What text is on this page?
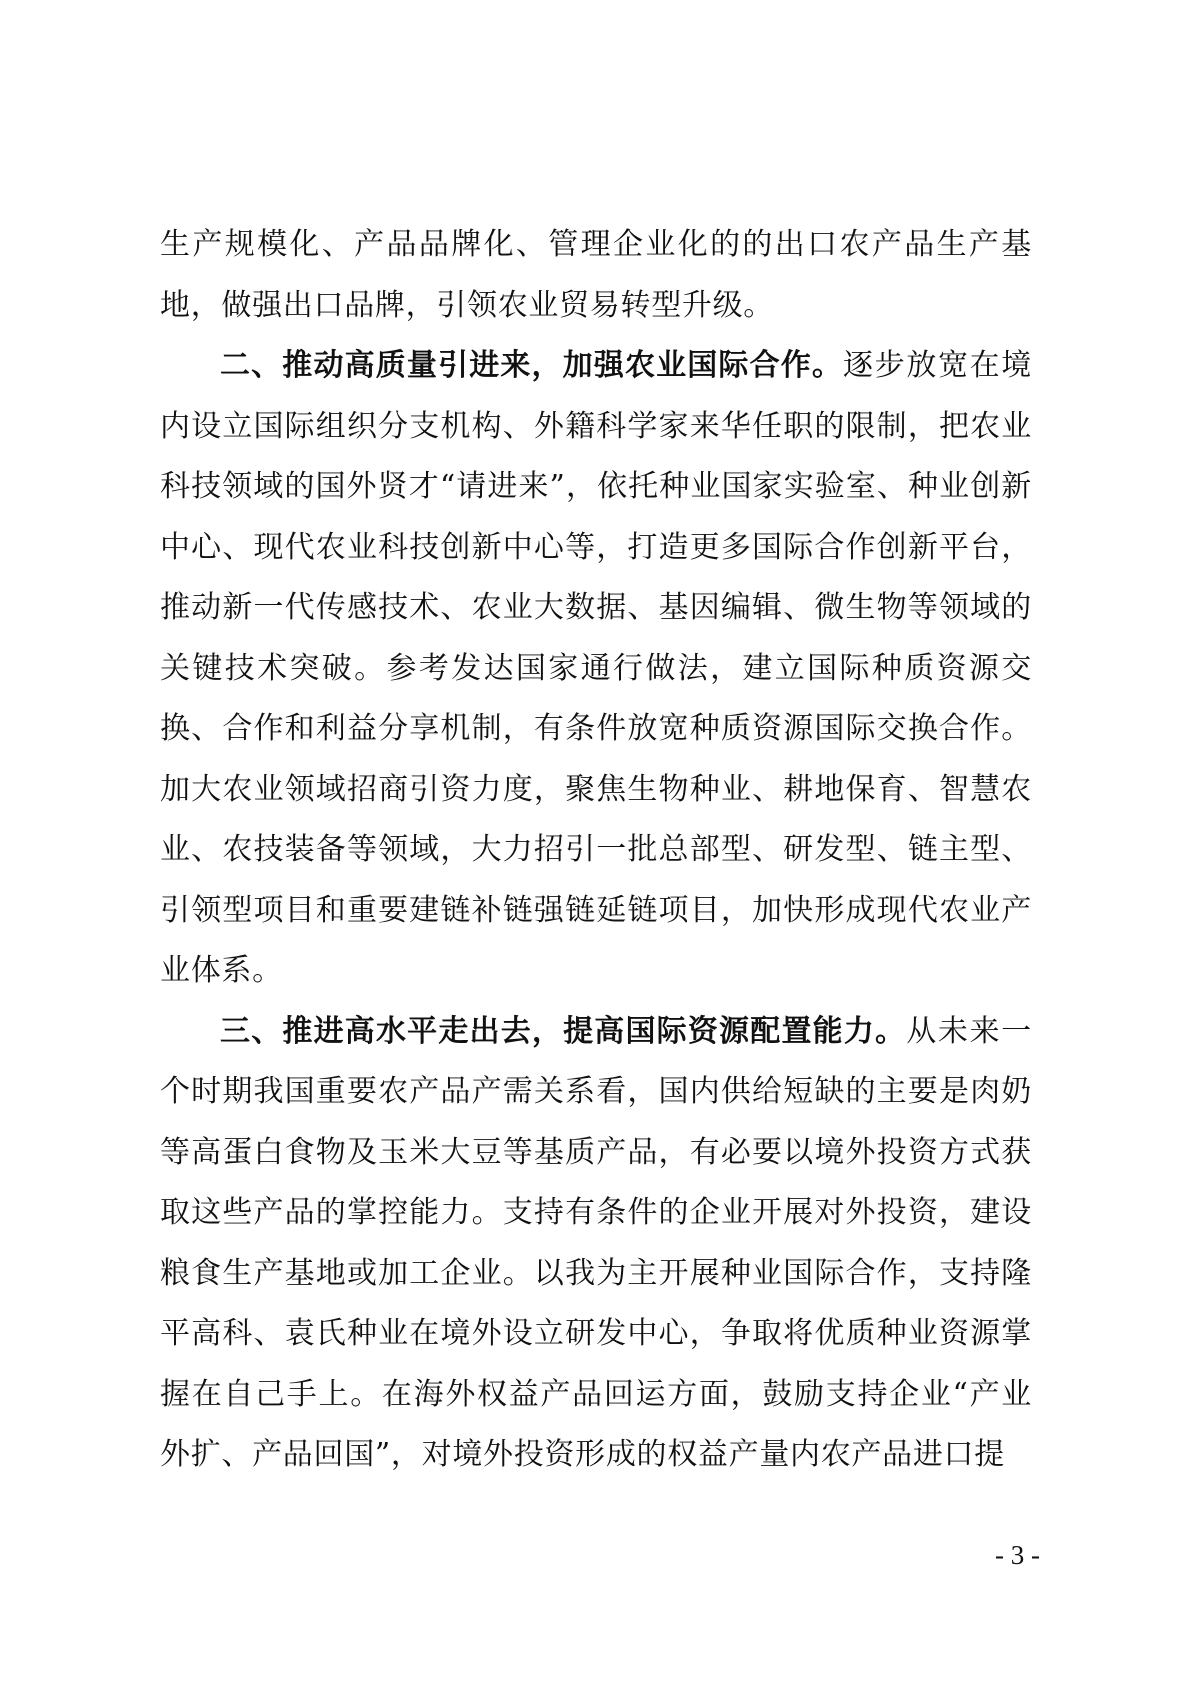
生产规模化、产品品牌化、管理企业化的的出口农产品生产基地，做强出口品牌，引领农业贸易转型升级。

二、推动高质量引进来，加强农业国际合作。逐步放宽在境内设立国际组织分支机构、外籍科学家来华任职的限制，把农业科技领域的国外贤才“请进来”，依托种业国家实验室、种业创新中心、现代农业科技创新中心等，打造更多国际合作创新平台，推动新一代传感技术、农业大数据、基因编辑、微生物等领域的关键技术突破。参考发达国家通行做法，建立国际种质资源交换、合作和利益分享机制，有条件放宽种质资源国际交换合作。加大农业领域招商引资力度，聚焦生物种业、耕地保育、智慧农业、农技装备等领域，大力招引一批总部型、研发型、链主型、引领型项目和重要建链补链强链延链项目，加快形成现代农业产业体系。

三、推进高水平走出去，提高国际资源配置能力。从未来一个时期我国重要农产品产需关系看，国内供给短缺的主要是肉奶等高蛋白食物及玉米大豆等基质产品，有必要以境外投资方式获取这些产品的掌控能力。支持有条件的企业开展对外投资，建设粮食生产基地或加工企业。以我为主开展种业国际合作，支持隆平高科、袁氏种业在境外设立研发中心，争取将优质种业资源掌握在自己手上。在海外权益产品回运方面，鼓励支持企业“产业外扩、产品回国”，对境外投资形成的权益产量内农产品进口提

- 3 -
